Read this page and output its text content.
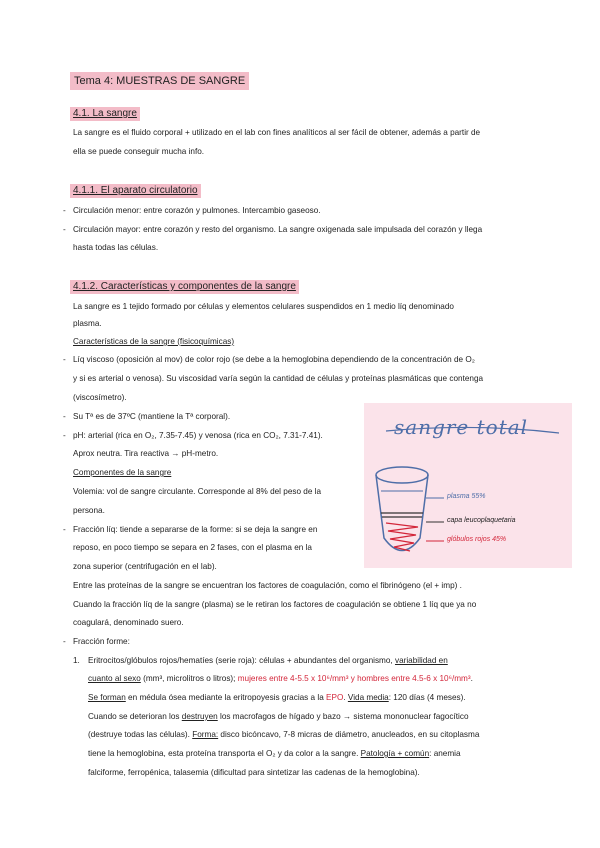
Tema 4: MUESTRAS DE SANGRE
4.1. La sangre
La sangre es el fluido corporal + utilizado en el lab con fines analíticos al ser fácil de obtener, además a partir de
ella se puede conseguir mucha info.
4.1.1. El aparato circulatorio
- Circulación menor: entre corazón y pulmones. Intercambio gaseoso.
- Circulación mayor: entre corazón y resto del organismo. La sangre oxigenada sale impulsada del corazón y llega
hasta todas las células.
4.1.2. Características y componentes de la sangre
La sangre es 1 tejido formado por células y elementos celulares suspendidos en 1 medio líq denominado
plasma.
Características de la sangre (fisicoquímicas)
- Líq viscoso (oposición al mov) de color rojo (se debe a la hemoglobina dependiendo de la concentración de O₂
y si es arterial o venosa). Su viscosidad varía según la cantidad de células y proteínas plasmáticas que contenga
(viscosímetro).
- Su Tª es de 37ºC (mantiene la Tª corporal).
- pH: arterial (rica en O₂, 7.35-7.45) y venosa (rica en CO₂, 7.31-7.41).
Aprox neutra. Tira reactiva → pH-metro.
Componentes de la sangre
Volemia: vol de sangre circulante. Corresponde al 8% del peso de la
persona.
- Fracción líq: tiende a separarse de la forme: si se deja la sangre en
reposo, en poco tiempo se separa en 2 fases, con el plasma en la
zona superior (centrifugación en el lab).
Entre las proteínas de la sangre se encuentran los factores de coagulación, como el fibrinógeno (el + imp) .
Cuando la fracción líq de la sangre (plasma) se le retiran los factores de coagulación se obtiene 1 líq que ya no
coagulará, denominado suero.
- Fracción forme:
1. Eritrocitos/glóbulos rojos/hematíes (serie roja): células + abundantes del organismo, variabilidad en
cuanto al sexo (mm³, microlitros o litros); mujeres entre 4-5.5 x 10⁶/mm³ y hombres entre 4.5-6 x 10⁶/mm³.
Se forman en médula ósea mediante la eritropoyesis gracias a la EPO. Vida media: 120 días (4 meses).
Cuando se deterioran los destruyen los macrofagos de hígado y bazo → sistema mononuclear fagocítico
(destruye todas las células). Forma: disco bicóncavo, 7-8 micras de diámetro, anucleados, en su citoplasma
tiene la hemoglobina, esta proteína transporta el O₂ y da color a la sangre. Patología + común: anemia
falciforme, ferropénica, talasemia (dificultad para sintetizar las cadenas de la hemoglobina).
sangre total
plasma 55%
capa leucoplaquetaria
glóbulos rojos 45%
